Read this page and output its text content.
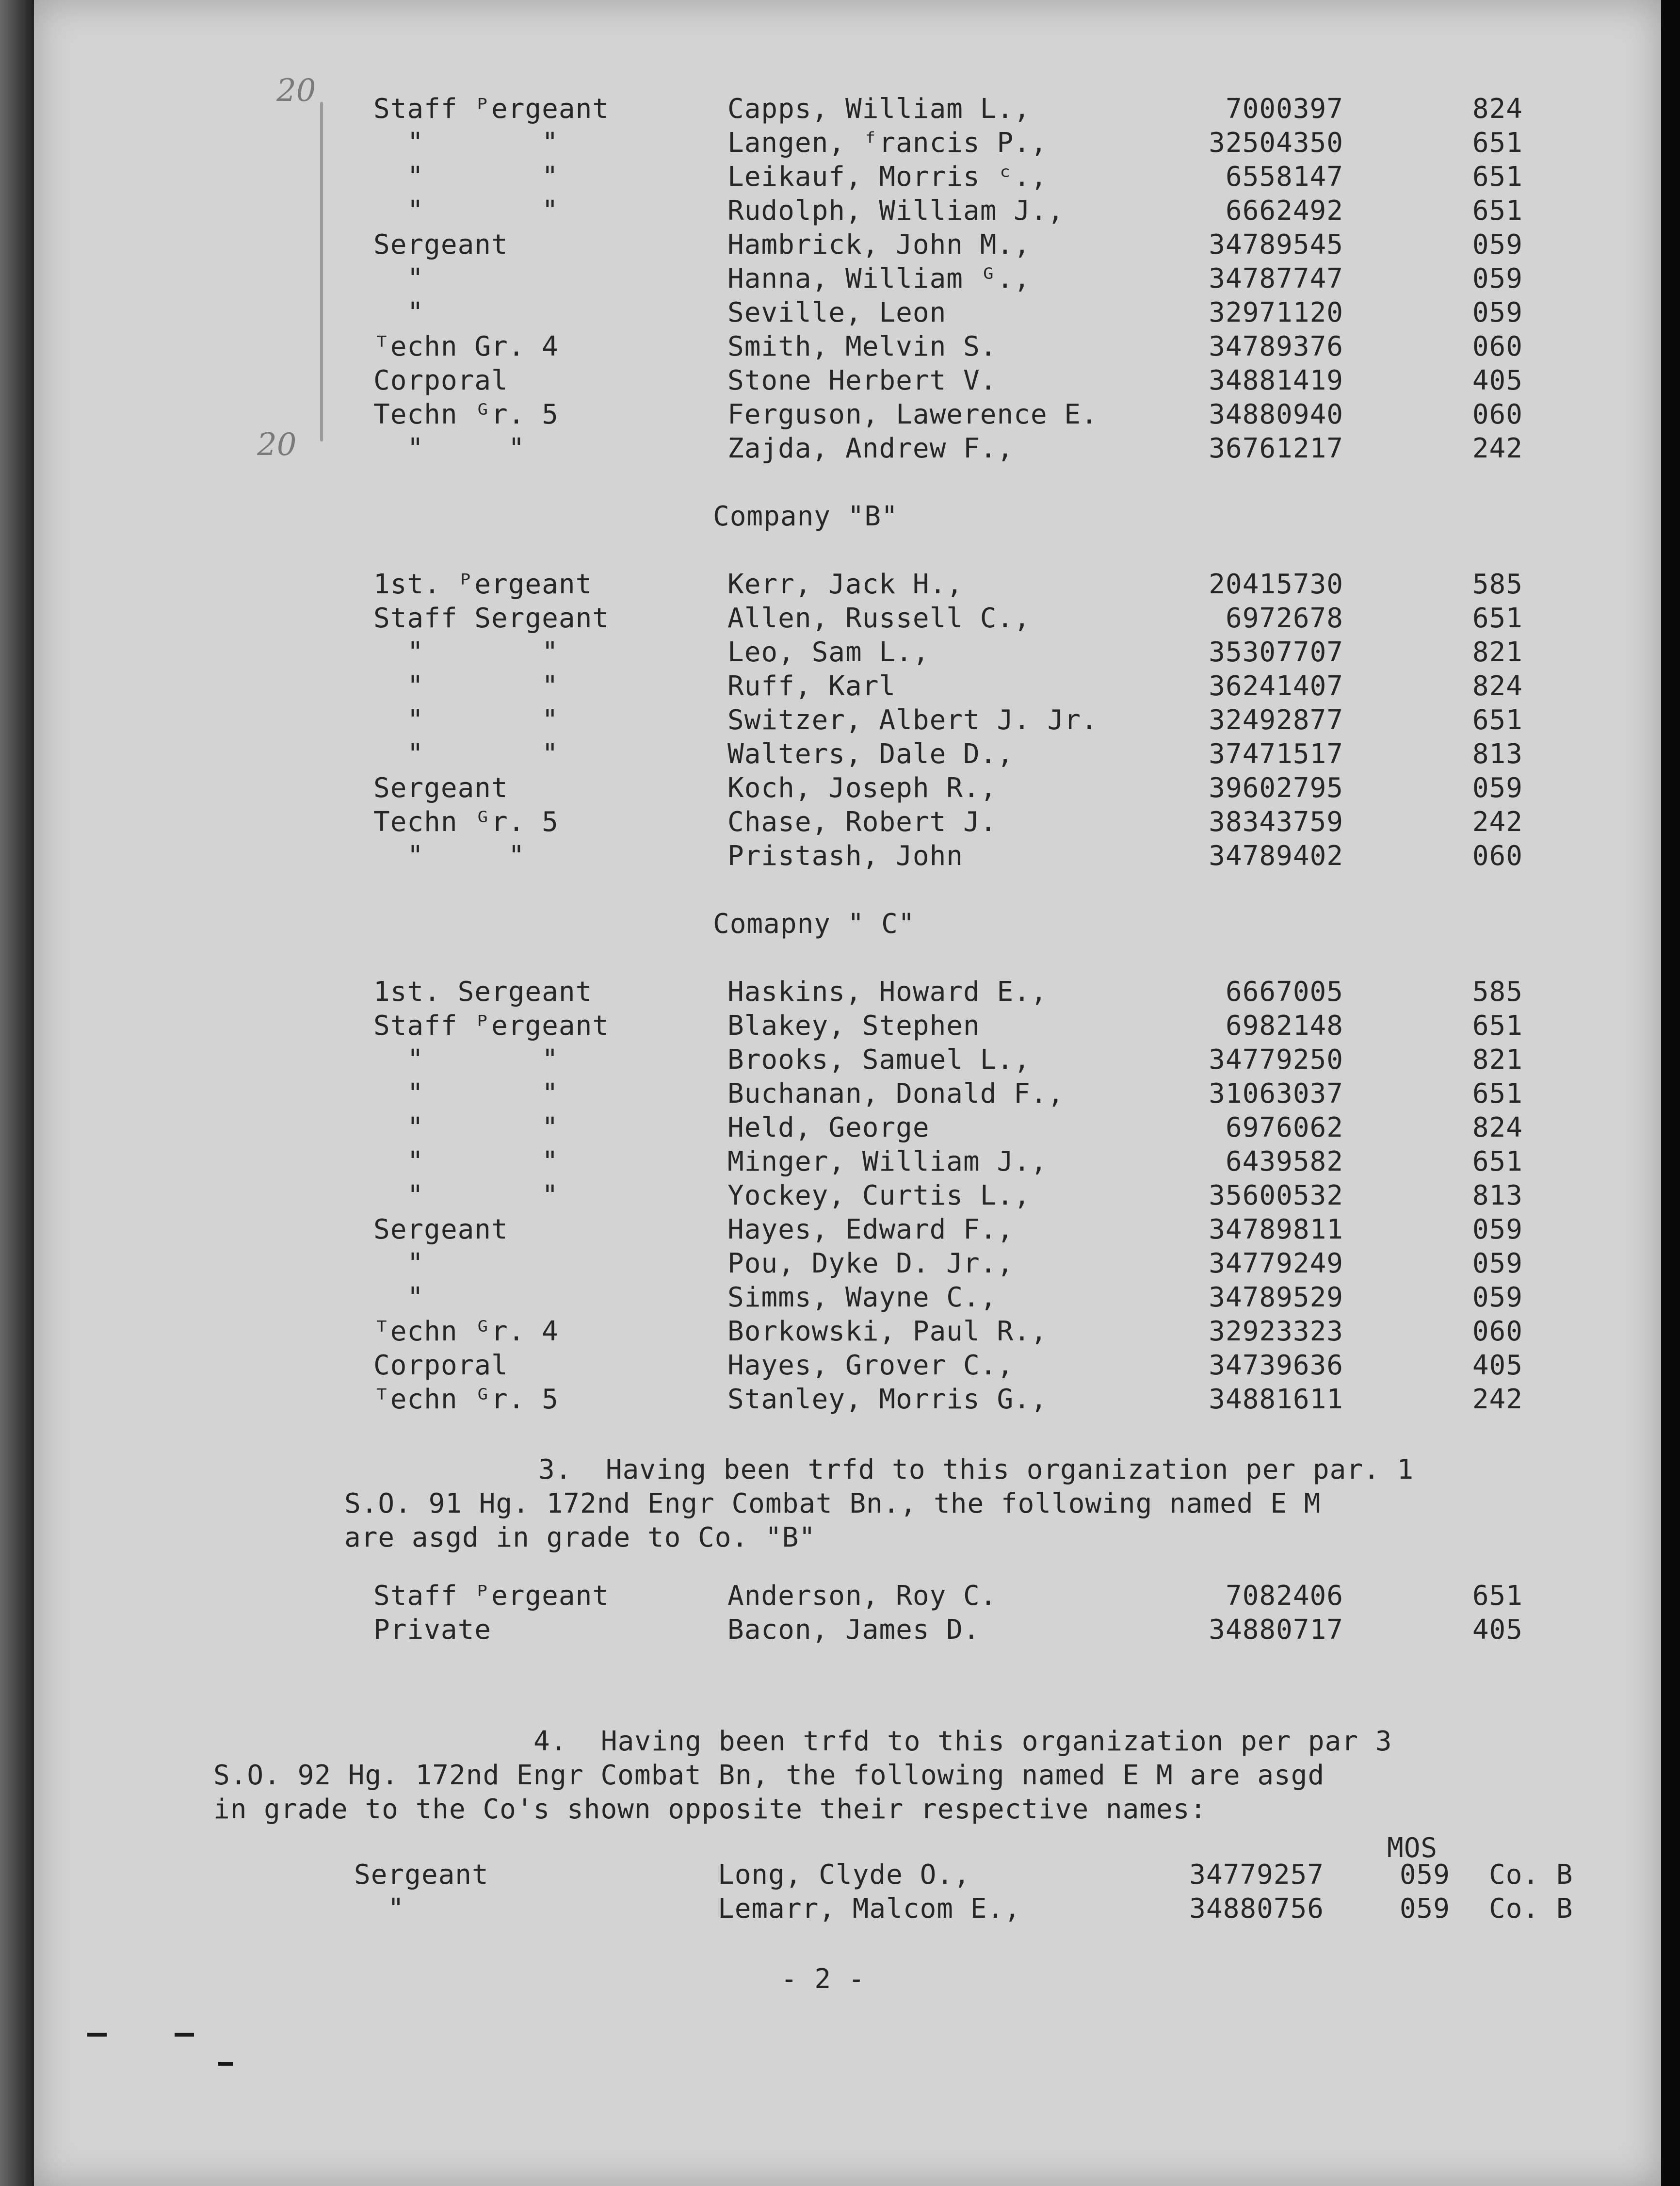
20
20
Staff ᴾergeant	Capps, William L.,	7000397	824
"       "	Langen, ᶠrancis P.,	32504350	651
"       "	Leikauf, Morris ᶜ.,	6558147	651
"       "	Rudolph, William J.,	6662492	651
Sergeant	Hambrick, John M.,	34789545	059
"	Hanna, William ᴳ.,	34787747	059
"	Seville, Leon	32971120	059
ᵀechn Gr. 4	Smith, Melvin S.	34789376	060
Corporal	Stone Herbert V.	34881419	405
Techn ᴳr. 5	Ferguson, Lawerence E.	34880940	060
"     "	Zajda, Andrew F.,	36761217	242
1st. ᴾergeant	Kerr, Jack H.,	20415730	585
Staff Sergeant	Allen, Russell C.,	6972678	651
"       "	Leo, Sam L.,	35307707	821
"       "	Ruff, Karl	36241407	824
"       "	Switzer, Albert J. Jr.	32492877	651
"       "	Walters, Dale D.,	37471517	813
Sergeant	Koch, Joseph R.,	39602795	059
Techn ᴳr. 5	Chase, Robert J.	38343759	242
"     "	Pristash, John	34789402	060
1st. Sergeant	Haskins, Howard E.,	6667005	585
Staff ᴾergeant	Blakey, Stephen	6982148	651
"       "	Brooks, Samuel L.,	34779250	821
"       "	Buchanan, Donald F.,	31063037	651
"       "	Held, George	6976062	824
"       "	Minger, William J.,	6439582	651
"       "	Yockey, Curtis L.,	35600532	813
Sergeant	Hayes, Edward F.,	34789811	059
"	Pou, Dyke D. Jr.,	34779249	059
"	Simms, Wayne C.,	34789529	059
ᵀechn ᴳr. 4	Borkowski, Paul R.,	32923323	060
Corporal	Hayes, Grover C.,	34739636	405
ᵀechn ᴳr. 5	Stanley, Morris G.,	34881611	242
Staff ᴾergeant	Anderson, Roy C.	7082406	651
Private	Bacon, James D.	34880717	405
Sergeant	Long, Clyde O.,	34779257	059 Co. B
"	Lemarr, Malcom E.,	34880756	059 Co. B
Company "B"
Comapny " C"
3.  Having been trfd to this organization per par. 1
S.O. 91 Hg. 172nd Engr Combat Bn., the following named E M
are asgd in grade to Co. "B"
4.  Having been trfd to this organization per par 3
S.O. 92 Hg. 172nd Engr Combat Bn, the following named E M are asgd
in grade to the Co's shown opposite their respective names:
MOS
- 2 -
